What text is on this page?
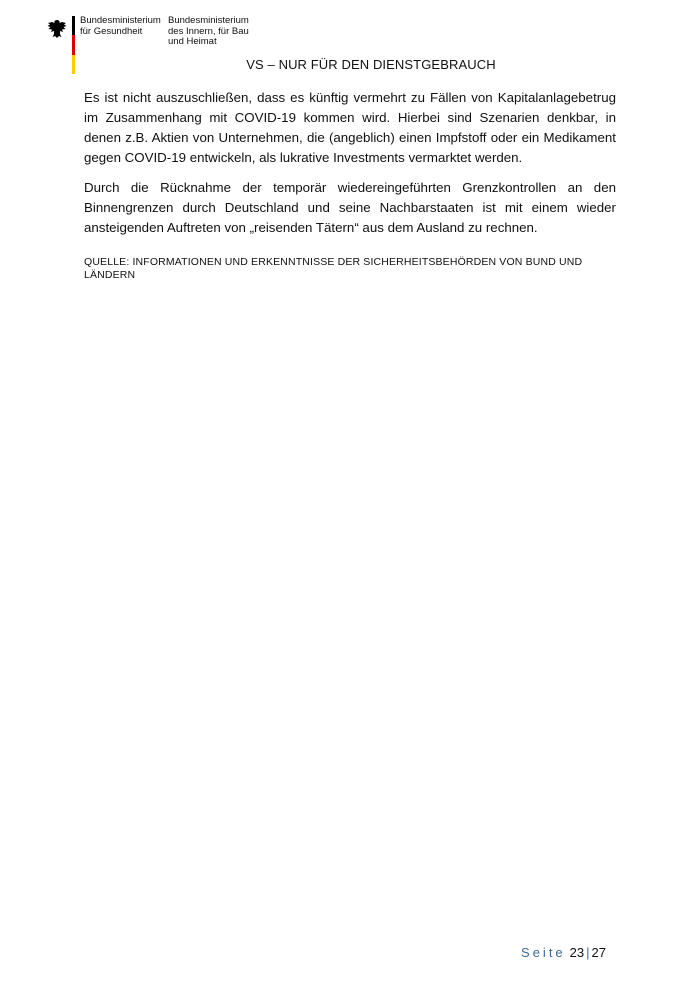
Bundesministerium
für Gesundheit
Bundesministerium
des Innern, für Bau
und Heimat
VS – NUR FÜR DEN DIENSTGEBRAUCH

Es ist nicht auszuschließen, dass es künftig vermehrt zu Fällen von Kapitalanlagebetrug im Zusammenhang mit COVID-19 kommen wird. Hierbei sind Szenarien denkbar, in denen z.B. Aktien von Unternehmen, die (angeblich) einen Impfstoff oder ein Medikament gegen COVID-19 entwickeln, als lukrative Investments vermarktet werden.

Durch die Rücknahme der temporär wiedereingeführten Grenzkontrollen an den Binnengrenzen durch Deutschland und seine Nachbarstaaten ist mit einem wieder ansteigenden Auftreten von „reisenden Tätern“ aus dem Ausland zu rechnen.

QUELLE: INFORMATIONEN UND ERKENNTNISSE DER SICHERHEITSBEHÖRDEN VON BUND UND LÄNDERN
Seite 23 | 27
